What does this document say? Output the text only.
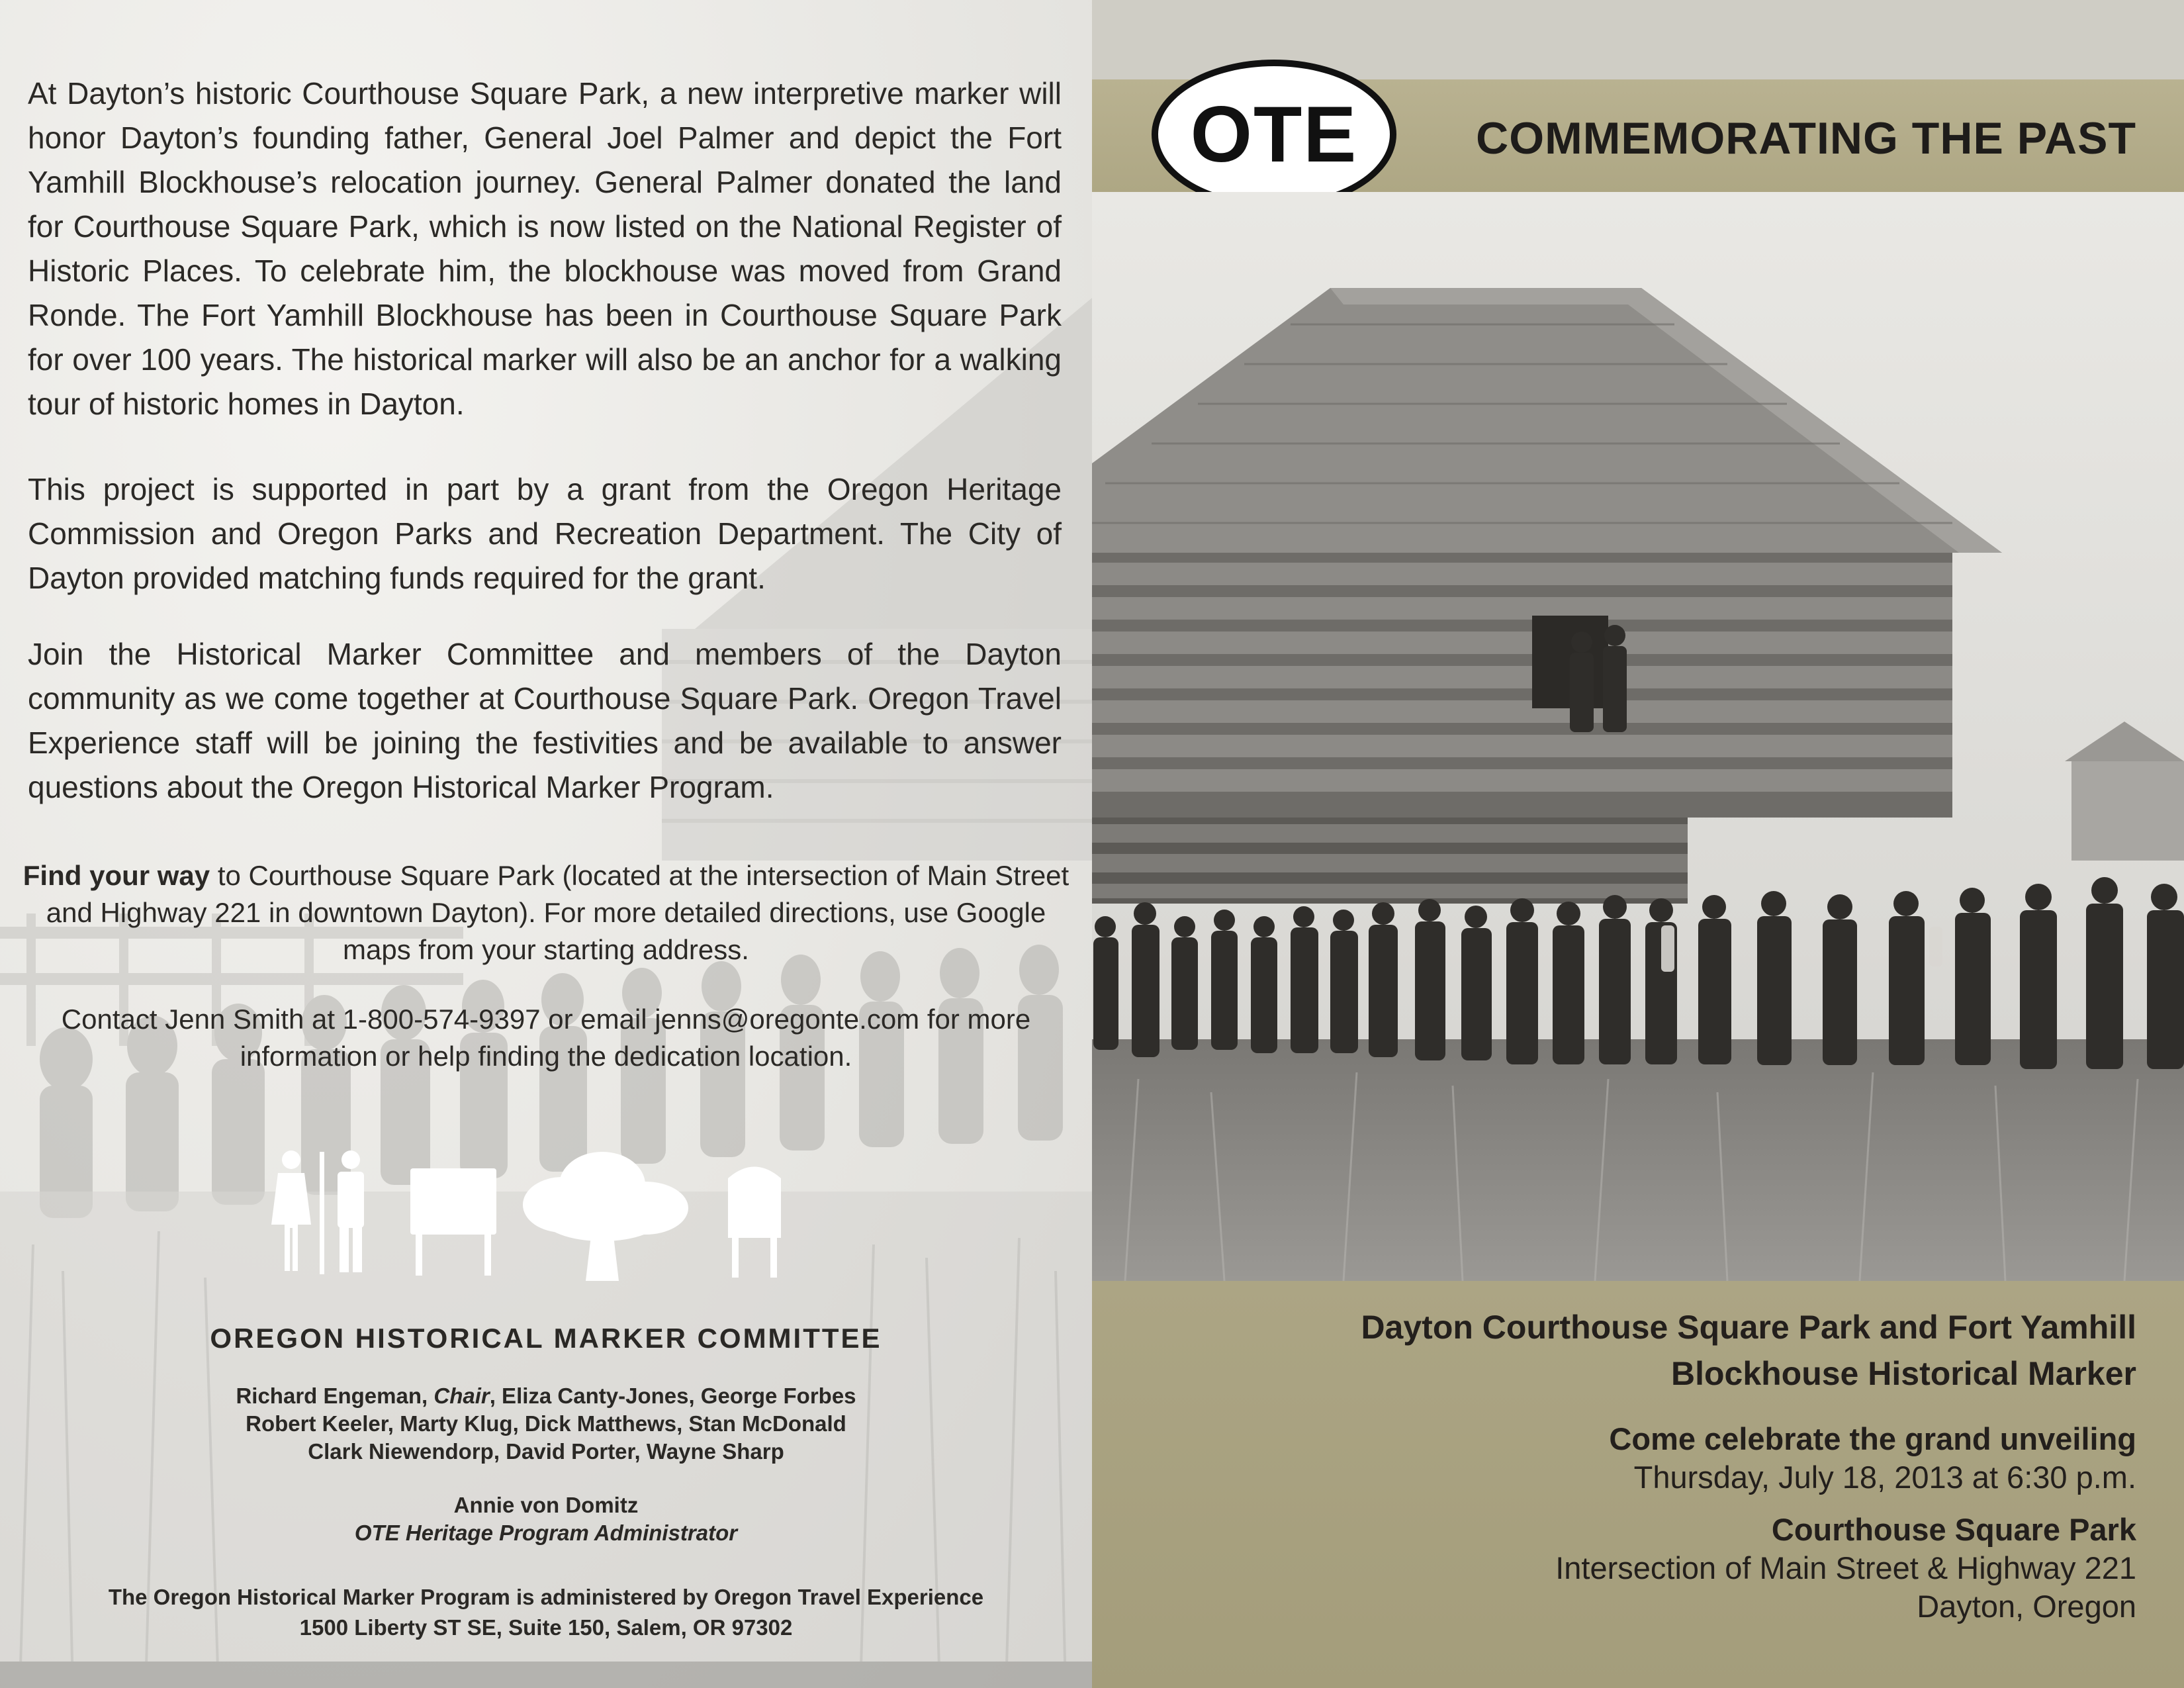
At Dayton’s historic Courthouse Square Park, a new interpretive marker will honor Dayton’s founding father, General Joel Palmer and depict the Fort Yamhill Blockhouse’s relocation journey. General Palmer donated the land for Courthouse Square Park, which is now listed on the National Register of Historic Places. To celebrate him, the blockhouse was moved from Grand Ronde. The Fort Yamhill Blockhouse has been in Courthouse Square Park for over 100 years. The historical marker will also be an anchor for a walking tour of historic homes in Dayton.

This project is supported in part by a grant from the Oregon Heritage Commission and Oregon Parks and Recreation Department. The City of Dayton provided matching funds required for the grant.

Join the Historical Marker Committee and members of the Dayton community as we come together at Courthouse Square Park. Oregon Travel Experience staff will be joining the festivities and be available to answer questions about the Oregon Historical Marker Program.

Find your way to Courthouse Square Park (located at the intersection of Main Street and Highway 221 in downtown Dayton). For more detailed directions, use Google maps from your starting address.

Contact Jenn Smith at 1-800-574-9397 or email jenns@oregonte.com for more information or help finding the dedication location.

OREGON HISTORICAL MARKER COMMITTEE
Richard Engeman, Chair, Eliza Canty-Jones, George Forbes
Robert Keeler, Marty Klug, Dick Matthews, Stan McDonald
Clark Niewendorp, David Porter, Wayne Sharp
Annie von Domitz
OTE Heritage Program Administrator
The Oregon Historical Marker Program is administered by Oregon Travel Experience
1500 Liberty ST SE, Suite 150, Salem, OR 97302
OTE	COMMEMORATING THE PAST
Dayton Courthouse Square Park and Fort Yamhill
Blockhouse Historical Marker
Come celebrate the grand unveiling
Thursday, July 18, 2013 at 6:30 p.m.
Courthouse Square Park
Intersection of Main Street & Highway 221
Dayton, Oregon
